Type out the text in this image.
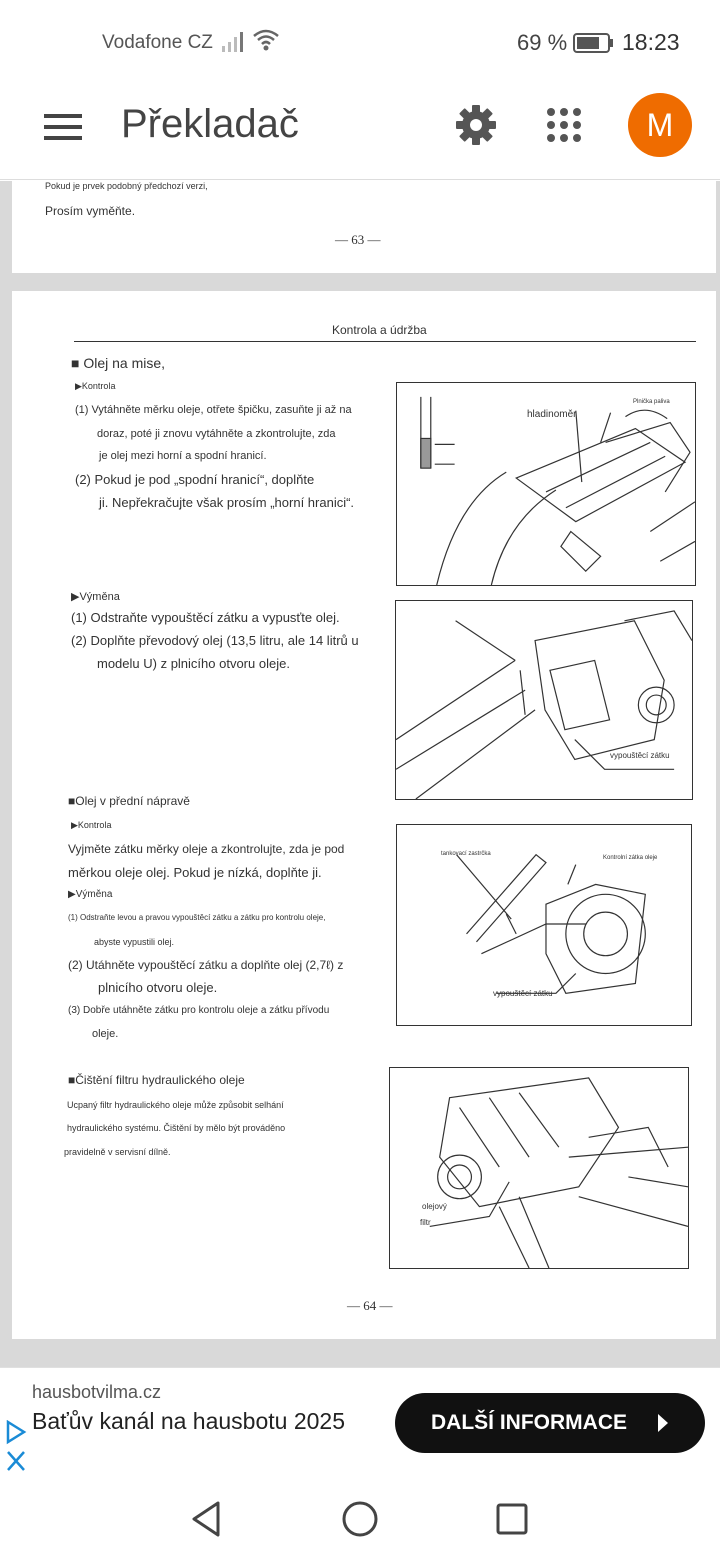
Vodafone CZ	69 % 18:23
Překladač	M
Pokud je prvek podobný předchozí verzi,
Prosím vyměňte.
— 63 —
Kontrola a údržba
■ Olej na mise,
▶Kontrola
(1) Vytáhněte měrku oleje, otřete špičku, zasuňte ji až na
doraz, poté ji znovu vytáhněte a zkontrolujte, zda
je olej mezi horní a spodní hranicí.
(2) Pokud je pod „spodní hranicí“, doplňte
ji. Nepřekračujte však prosím „horní hranici“.
hladinoměr
Plnička paliva
▶Výměna
(1) Odstraňte vypouštěcí zátku a vypusťte olej.
(2) Doplňte převodový olej (13,5 litru, ale 14 litrů u
modelu U) z plnicího otvoru oleje.
vypouštěcí zátku
■Olej v přední nápravě
▶Kontrola
Vyjměte zátku měrky oleje a zkontrolujte, zda je pod
měrkou oleje olej. Pokud je nízká, doplňte ji.
▶Výměna
(1) Odstraňte levou a pravou vypouštěcí zátku a zátku pro kontrolu oleje,
abyste vypustili olej.
(2) Utáhněte vypouštěcí zátku a doplňte olej (2,7ℓ) z
plnicího otvoru oleje.
(3) Dobře utáhněte zátku pro kontrolu oleje a zátku přívodu
oleje.
tankovací zastrčka
Kontrolní zátka oleje
vypouštěcí zátku
■Čištění filtru hydraulického oleje
Ucpaný filtr hydraulického oleje může způsobit selhání
hydraulického systému. Čištění by mělo být prováděno
pravidelně v servisní dílně.
olejový
filtr
— 64 —
hausbotvilma.cz
Baťův kanál na hausbotu 2025	DALŠÍ INFORMACE
